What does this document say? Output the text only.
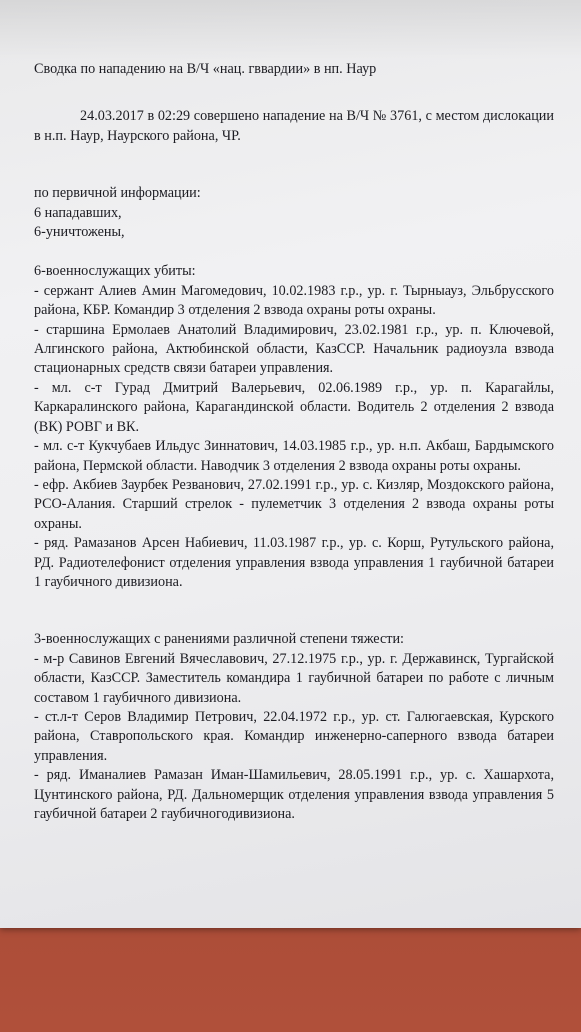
Сводка по нападению на В/Ч «нац. гввардии» в нп. Наур

24.03.2017 в 02:29 совершено нападение на В/Ч № 3761, с местом дислокации в н.п. Наур, Наурского района, ЧР.

по первичной информации:

6 нападавших,

6-уничтожены,

6-военнослужащих убиты:

- сержант Алиев Амин Магомедович, 10.02.1983 г.р., ур. г. Тырныауз, Эльбрусского района, КБР. Командир 3 отделения 2 взвода охраны роты охраны.

- старшина Ермолаев Анатолий Владимирович, 23.02.1981 г.р., ур. п. Ключевой, Алгинского района, Актюбинской области, КазССР. Начальник радиоузла взвода стационарных средств связи батареи управления.

- мл. с-т Гурад Дмитрий Валерьевич, 02.06.1989 г.р., ур. п. Карагайлы, Каркаралинского района, Карагандинской области. Водитель 2 отделения 2 взвода (ВК) РОВГ и ВК.

- мл. с-т Кукчубаев Ильдус Зиннатович, 14.03.1985 г.р., ур. н.п. Акбаш, Бардымского района, Пермской области. Наводчик 3 отделения 2 взвода охраны роты охраны.

- ефр. Акбиев Заурбек Резванович, 27.02.1991 г.р., ур. с. Кизляр, Моздокского района, РСО-Алания. Старший стрелок - пулеметчик 3 отделения 2 взвода охраны роты охраны.

- ряд. Рамазанов Арсен Набиевич, 11.03.1987 г.р., ур. с. Корш, Рутульского района, РД. Радиотелефонист отделения управления взвода управления 1 гаубичной батареи 1 гаубичного дивизиона.

3-военнослужащих с ранениями различной степени тяжести:

- м-р Савинов Евгений Вячеславович, 27.12.1975 г.р., ур. г. Державинск, Тургайской области, КазССР. Заместитель командира 1 гаубичной батареи по работе с личным составом 1 гаубичного дивизиона.

- ст.л-т Серов Владимир Петрович, 22.04.1972 г.р., ур. ст. Галюгаевская, Курского района, Ставропольского края. Командир инженерно-саперного взвода батареи управления.

- ряд. Иманалиев Рамазан Иман-Шамильевич, 28.05.1991 г.р., ур. с. Хашархота, Цунтинского района, РД. Дальномерщик отделения управления взвода управления 5 гаубичной батареи 2 гаубичногодивизиона.
